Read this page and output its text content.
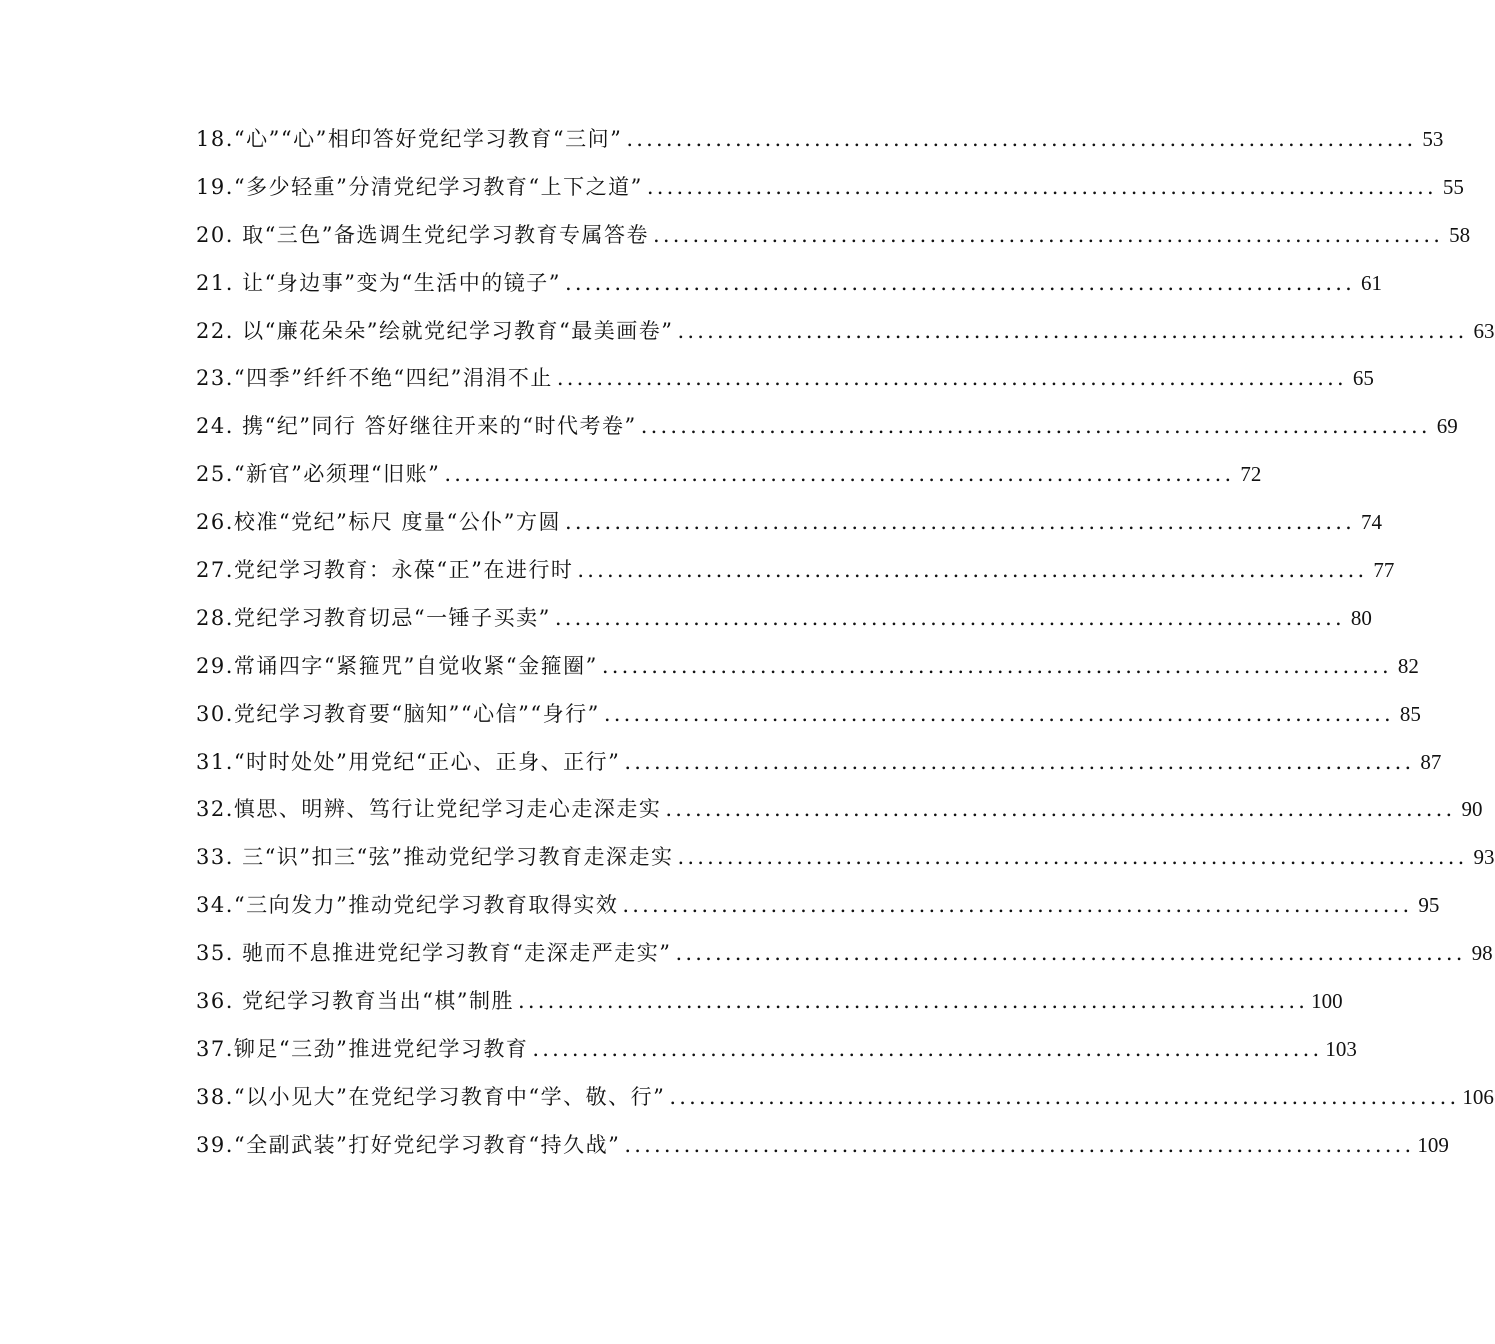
18.“心”“心”相印答好党纪学习教育“三问” ................................................................................ 53
19.“多少轻重”分清党纪学习教育“上下之道” ................................................................................ 55
20. 取“三色”备选调生党纪学习教育专属答卷 ................................................................................ 58
21. 让“身边事”变为“生活中的镜子” ................................................................................ 61
22. 以“廉花朵朵”绘就党纪学习教育“最美画卷” ................................................................................ 63
23.“四季”纤纤不绝“四纪”涓涓不止 ................................................................................ 65
24. 携“纪”同行 答好继往开来的“时代考卷” ................................................................................ 69
25.“新官”必须理“旧账” ................................................................................ 72
26.校准“党纪”标尺 度量“公仆”方圆 ................................................................................ 74
27.党纪学习教育：永葆“正”在进行时 ................................................................................ 77
28.党纪学习教育切忌“一锤子买卖” ................................................................................ 80
29.常诵四字“紧箍咒”自觉收紧“金箍圈” ................................................................................ 82
30.党纪学习教育要“脑知”“心信”“身行” ................................................................................ 85
31.“时时处处”用党纪“正心、正身、正行” ................................................................................ 87
32.慎思、明辨、笃行让党纪学习走心走深走实 ................................................................................ 90
33. 三“识”扣三“弦”推动党纪学习教育走深走实 ................................................................................ 93
34.“三向发力”推动党纪学习教育取得实效 ................................................................................ 95
35. 驰而不息推进党纪学习教育“走深走严走实” ................................................................................ 98
36. 党纪学习教育当出“棋”制胜 ................................................................................ 100
37.铆足“三劲”推进党纪学习教育 ................................................................................ 103
38.“以小见大”在党纪学习教育中“学、敬、行” ................................................................................ 106
39.“全副武装”打好党纪学习教育“持久战” ................................................................................ 109
